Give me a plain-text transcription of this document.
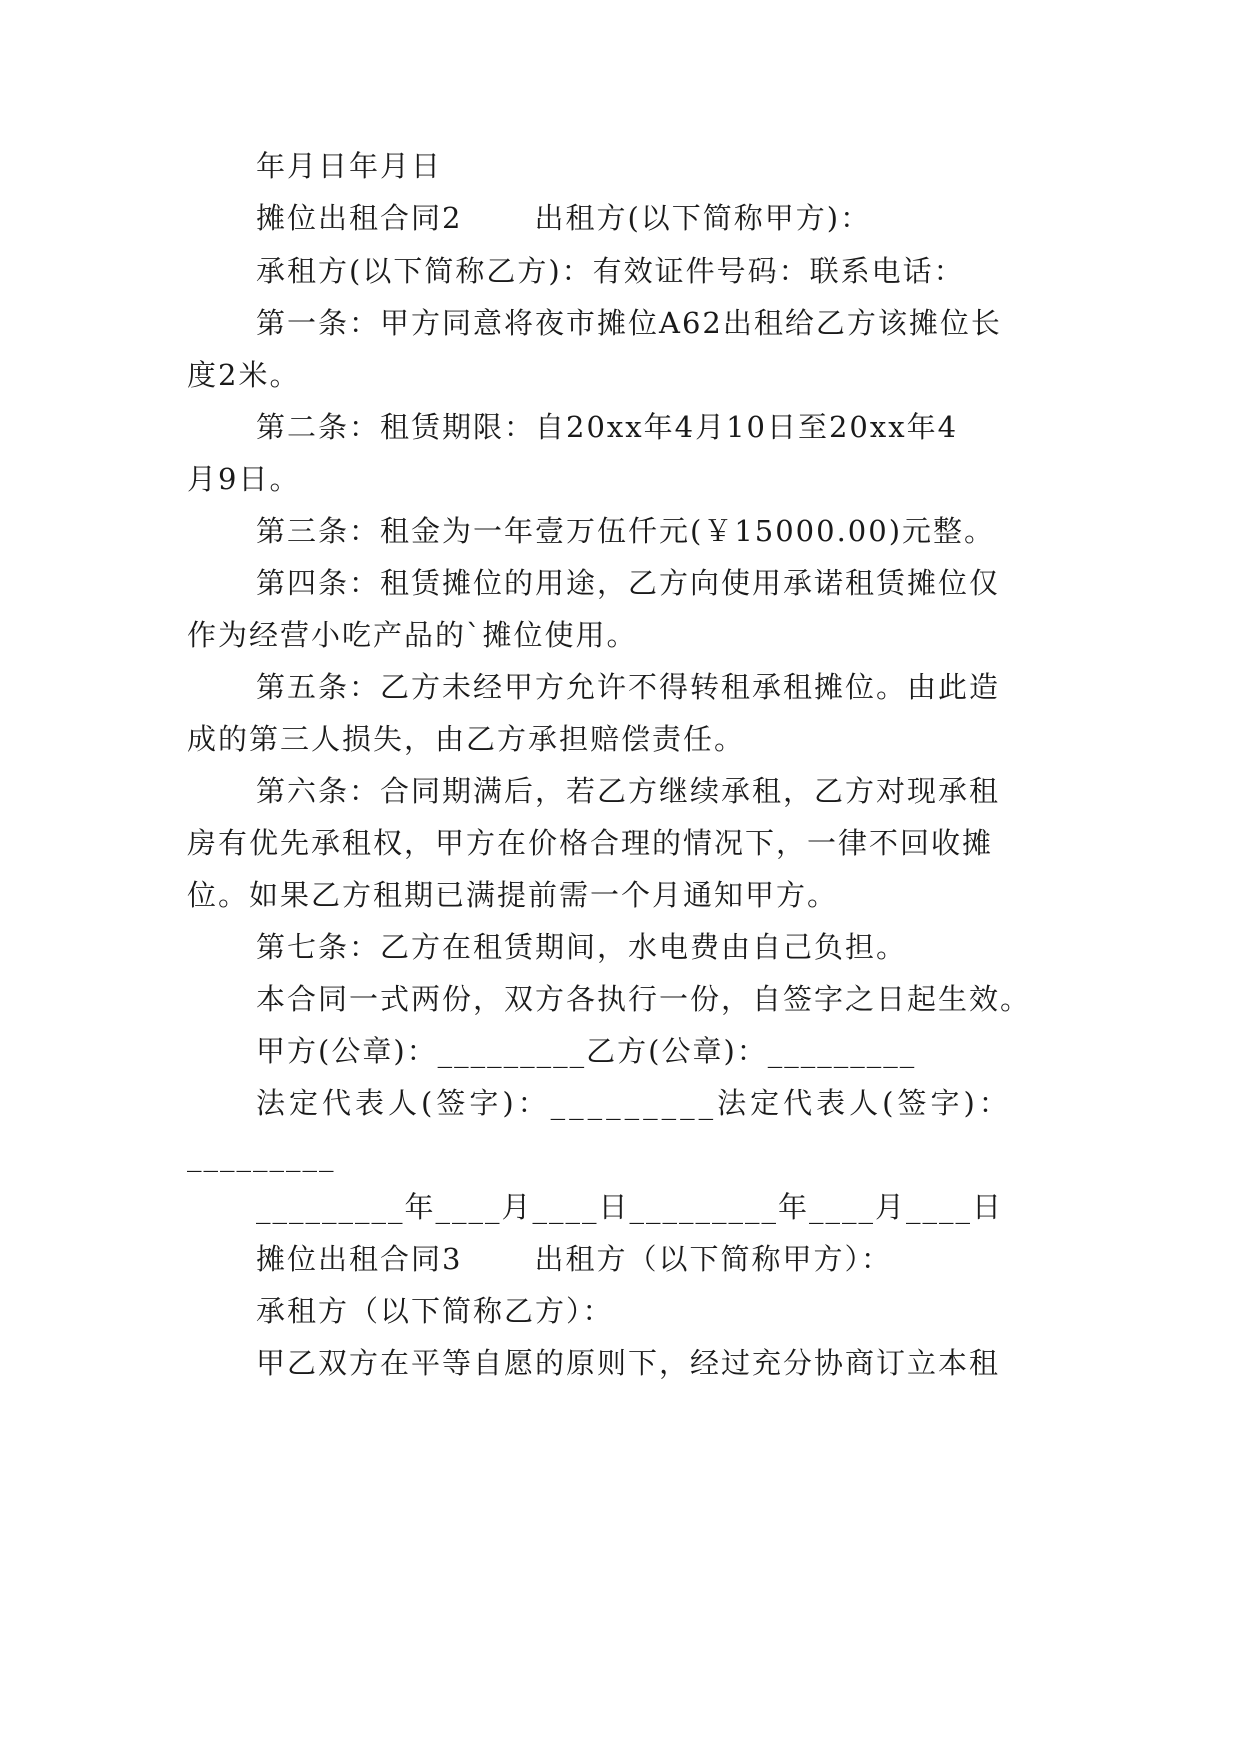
年月日年月日
摊位出租合同2 出租方(以下简称甲方)：
承租方(以下简称乙方)：有效证件号码：联系电话：
第一条：甲方同意将夜市摊位A62出租给乙方该摊位长
度2米。
第二条：租赁期限：自20xx年4月10日至20xx年4
月9日。
第三条：租金为一年壹万伍仟元(￥15000.00)元整。
第四条：租赁摊位的用途，乙方向使用承诺租赁摊位仅
作为经营小吃产品的`摊位使用。
第五条：乙方未经甲方允许不得转租承租摊位。由此造
成的第三人损失，由乙方承担赔偿责任。
第六条：合同期满后，若乙方继续承租，乙方对现承租
房有优先承租权，甲方在价格合理的情况下，一律不回收摊
位。如果乙方租期已满提前需一个月通知甲方。
第七条：乙方在租赁期间，水电费由自己负担。
本合同一式两份，双方各执行一份，自签字之日起生效。
甲方(公章)：_________乙方(公章)：_________
法定代表人(签字)：_________法定代表人(签字)：
_________
_________年____月____日_________年____月____日
摊位出租合同3 出租方（以下简称甲方）：
承租方（以下简称乙方）：
甲乙双方在平等自愿的原则下，经过充分协商订立本租
